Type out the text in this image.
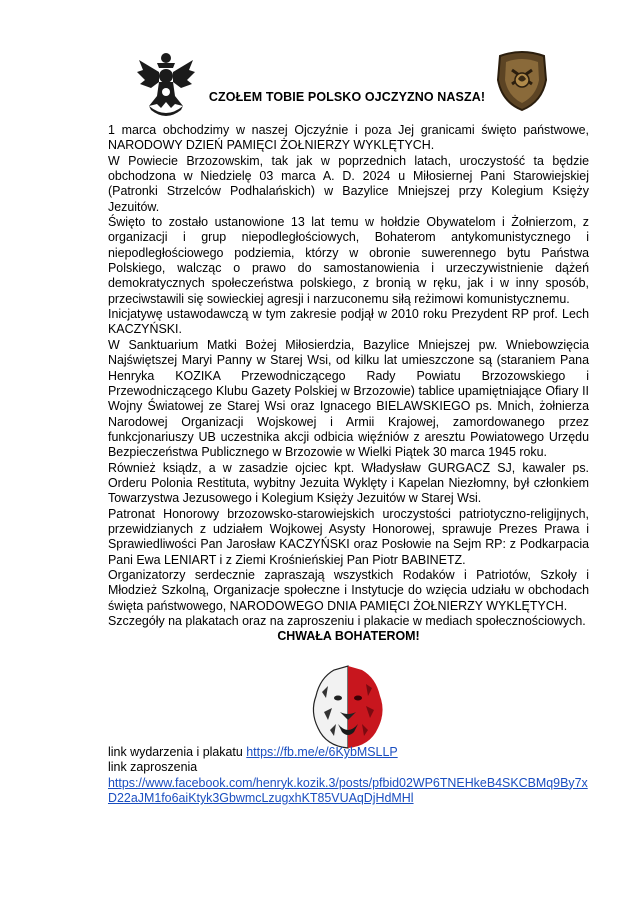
CZOŁEM TOBIE POLSKO OJCZYZNO NASZA!

1 marca obchodzimy w naszej Ojczyźnie i poza Jej granicami święto państwowe, NARODOWY DZIEŃ PAMIĘCI ŻOŁNIERZY WYKLĘTYCH.

W Powiecie Brzozowskim, tak jak w poprzednich latach, uroczystość ta będzie obchodzona w Niedzielę 03 marca A. D. 2024 u Miłosiernej Pani Starowiejskiej (Patronki Strzelców Podhalańskich) w Bazylice Mniejszej przy Kolegium Księży Jezuitów.

Święto to zostało ustanowione 13 lat temu w hołdzie Obywatelom i Żołnierzom, z organizacji i grup niepodległościowych, Bohaterom antykomunistycznego i niepodległościowego podziemia, którzy w obronie suwerennego bytu Państwa Polskiego, walcząc o prawo do samostanowienia i urzeczywistnienie dążeń demokratycznych społeczeństwa polskiego, z bronią w ręku, jak i w inny sposób, przeciwstawili się sowieckiej agresji i narzuconemu siłą reżimowi komunistycznemu.

Inicjatywę ustawodawczą w tym zakresie podjął w 2010 roku Prezydent RP prof. Lech KACZYŃSKI.

W Sanktuarium Matki Bożej Miłosierdzia, Bazylice Mniejszej pw. Wniebowzięcia Najświętszej Maryi Panny w Starej Wsi, od kilku lat umieszczone są (staraniem Pana Henryka KOZIKA Przewodniczącego Rady Powiatu Brzozowskiego i Przewodniczącego Klubu Gazety Polskiej w Brzozowie) tablice upamiętniające Ofiary II Wojny Światowej ze Starej Wsi oraz Ignacego BIELAWSKIEGO ps. Mnich, żołnierza Narodowej Organizacji Wojskowej i Armii Krajowej, zamordowanego przez funkcjonariuszy UB uczestnika akcji odbicia więźniów z aresztu Powiatowego Urzędu Bezpieczeństwa Publicznego w Brzozowie w Wielki Piątek 30 marca 1945 roku.

Również ksiądz, a w zasadzie ojciec kpt. Władysław GURGACZ SJ, kawaler ps. Orderu Polonia Restituta, wybitny Jezuita Wyklęty i Kapelan Niezłomny, był członkiem Towarzystwa Jezusowego i Kolegium Księży Jezuitów w Starej Wsi.

Patronat Honorowy brzozowsko-starowiejskich uroczystości patriotyczno-religijnych, przewidzianych z udziałem Wojkowej Asysty Honorowej, sprawuje Prezes Prawa i Sprawiedliwości Pan Jarosław KACZYŃSKI oraz Posłowie na Sejm RP: z Podkarpacia Pani Ewa LENIART i z Ziemi Krośnieńskiej Pan Piotr BABINETZ.

Organizatorzy serdecznie zapraszają wszystkich Rodaków i Patriotów, Szkoły i Młodzież Szkolną, Organizacje społeczne i Instytucje do wzięcia udziału w obchodach święta państwowego, NARODOWEGO DNIA PAMIĘCI ŻOŁNIERZY WYKLĘTYCH.

Szczegóły na plakatach oraz na zaproszeniu i plakacie w mediach społecznościowych.

CHWAŁA BOHATEROM!

link wydarzenia i plakatu https://fb.me/e/6KybMSLLP
link zaproszenia
https://www.facebook.com/henryk.kozik.3/posts/pfbid02WP6TNEHkeB4SKCBMq9By7xD22aJM1fo6aiKtyk3GbwmcLzugxhKT85VUAqDjHdMHl
